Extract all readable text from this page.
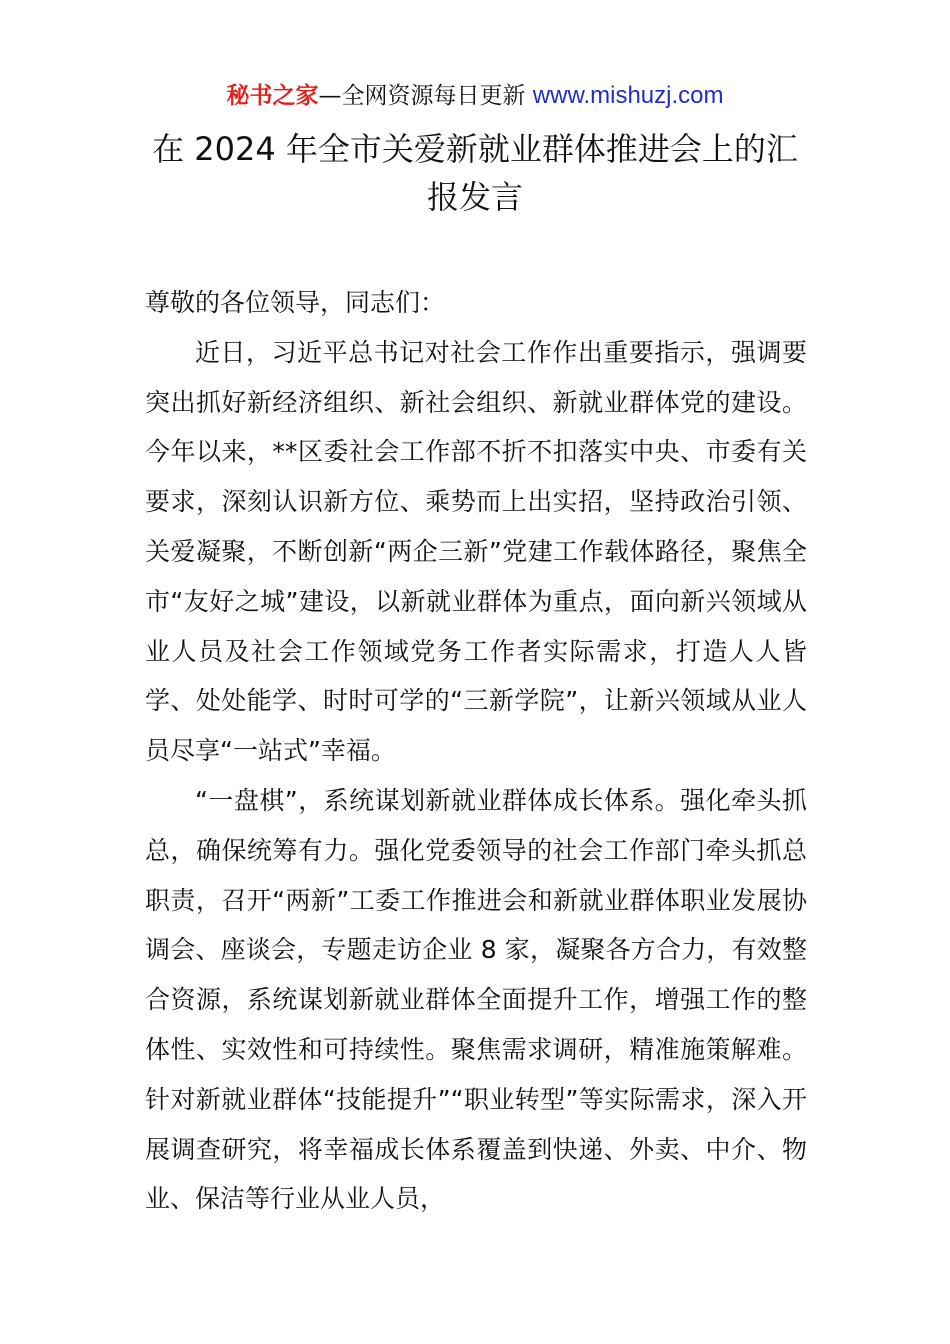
秘书之家—全网资源每日更新 www.mishuzj.com
在 2024 年全市关爱新就业群体推进会上的汇报发言

尊敬的各位领导，同志们：

近日，习近平总书记对社会工作作出重要指示，强调要突出抓好新经济组织、新社会组织、新就业群体党的建设。今年以来，**区委社会工作部不折不扣落实中央、市委有关要求，深刻认识新方位、乘势而上出实招，坚持政治引领、关爱凝聚，不断创新“两企三新”党建工作载体路径，聚焦全市“友好之城”建设，以新就业群体为重点，面向新兴领域从业人员及社会工作领域党务工作者实际需求，打造人人皆学、处处能学、时时可学的“三新学院”，让新兴领域从业人员尽享“一站式”幸福。

“一盘棋”，系统谋划新就业群体成长体系。强化牵头抓总，确保统筹有力。强化党委领导的社会工作部门牵头抓总职责，召开“两新”工委工作推进会和新就业群体职业发展协调会、座谈会，专题走访企业 8 家，凝聚各方合力，有效整合资源，系统谋划新就业群体全面提升工作，增强工作的整体性、实效性和可持续性。聚焦需求调研，精准施策解难。针对新就业群体“技能提升”“职业转型”等实际需求，深入开展调查研究，将幸福成长体系覆盖到快递、外卖、中介、物业、保洁等行业从业人员，
